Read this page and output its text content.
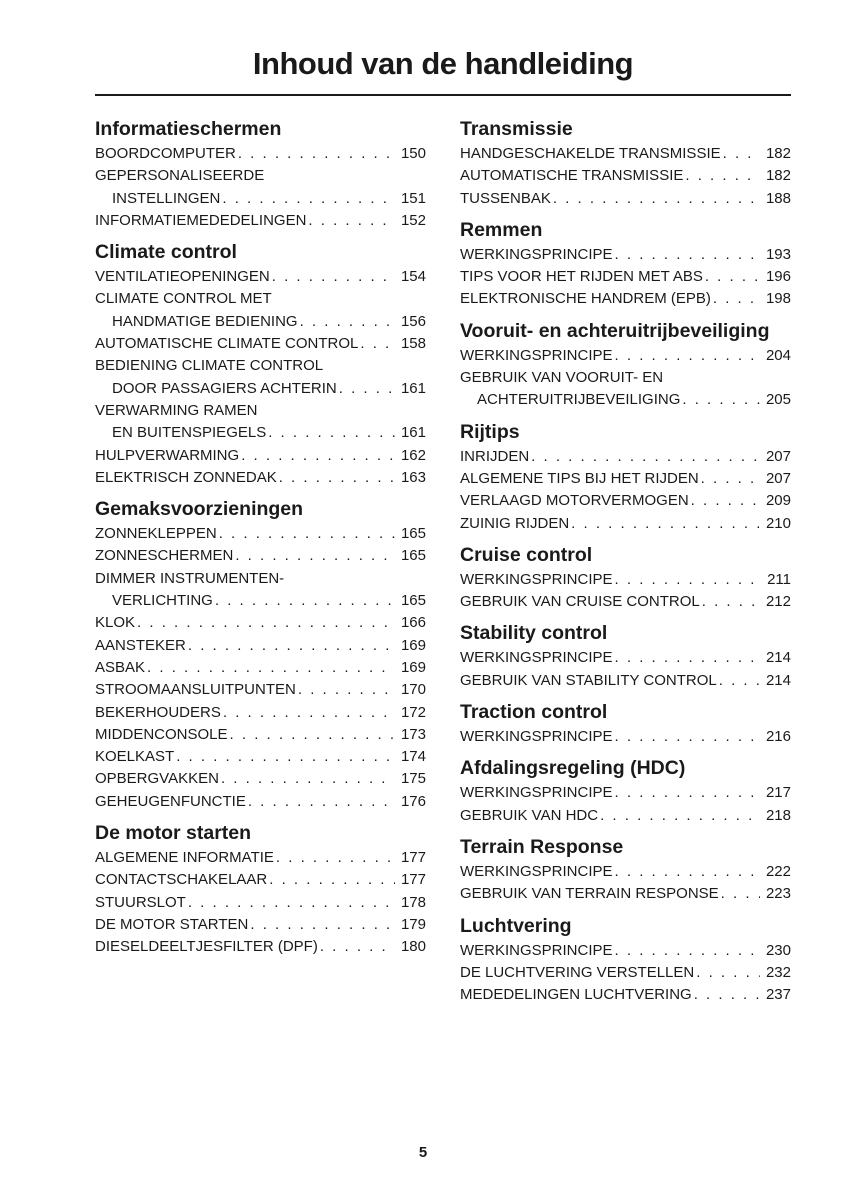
Inhoud van de handleiding
Informatieschermen
BOORDCOMPUTER . . .	150
GEPERSONALISEERDE
INSTELLINGEN . . .	151
INFORMATIEMEDEDELINGEN . . .	152
Climate control
VENTILATIEOPENINGEN . . .	154
CLIMATE CONTROL MET
HANDMATIGE BEDIENING . . .	156
AUTOMATISCHE CLIMATE CONTROL . . .	158
BEDIENING CLIMATE CONTROL
DOOR PASSAGIERS ACHTERIN . . .	161
VERWARMING RAMEN
EN BUITENSPIEGELS . . .	161
HULPVERWARMING . . .	162
ELEKTRISCH ZONNEDAK . . .	163
Gemaksvoorzieningen
ZONNEKLEPPEN . . .	165
ZONNESCHERMEN . . .	165
DIMMER INSTRUMENTEN-
VERLICHTING . . .	165
KLOK . . .	166
AANSTEKER . . .	169
ASBAK . . .	169
STROOMAANSLUITPUNTEN . . .	170
BEKERHOUDERS . . .	172
MIDDENCONSOLE . . .	173
KOELKAST . . .	174
OPBERGVAKKEN . . .	175
GEHEUGENFUNCTIE . . .	176
De motor starten
ALGEMENE INFORMATIE . . .	177
CONTACTSCHAKELAAR . . .	177
STUURSLOT . . .	178
DE MOTOR STARTEN . . .	179
DIESELDEELTJESFILTER (DPF) . . .	180
Transmissie
HANDGESCHAKELDE TRANSMISSIE . . .	182
AUTOMATISCHE TRANSMISSIE . . .	182
TUSSENBAK . . .	188
Remmen
WERKINGSPRINCIPE . . .	193
TIPS VOOR HET RIJDEN MET ABS . . .	196
ELEKTRONISCHE HANDREM (EPB) . . .	198
Vooruit- en achteruitrijbeveiliging
WERKINGSPRINCIPE . . .	204
GEBRUIK VAN VOORUIT- EN
ACHTERUITRIJBEVEILIGING . . .	205
Rijtips
INRIJDEN . . .	207
ALGEMENE TIPS BIJ HET RIJDEN . . .	207
VERLAAGD MOTORVERMOGEN . . .	209
ZUINIG RIJDEN . . .	210
Cruise control
WERKINGSPRINCIPE . . .	211
GEBRUIK VAN CRUISE CONTROL . . .	212
Stability control
WERKINGSPRINCIPE . . .	214
GEBRUIK VAN STABILITY CONTROL . . .	214
Traction control
WERKINGSPRINCIPE . . .	216
Afdalingsregeling (HDC)
WERKINGSPRINCIPE . . .	217
GEBRUIK VAN HDC . . .	218
Terrain Response
WERKINGSPRINCIPE . . .	222
GEBRUIK VAN TERRAIN RESPONSE . . .	223
Luchtvering
WERKINGSPRINCIPE . . .	230
DE LUCHTVERING VERSTELLEN . . .	232
MEDEDELINGEN LUCHTVERING . . .	237
5
